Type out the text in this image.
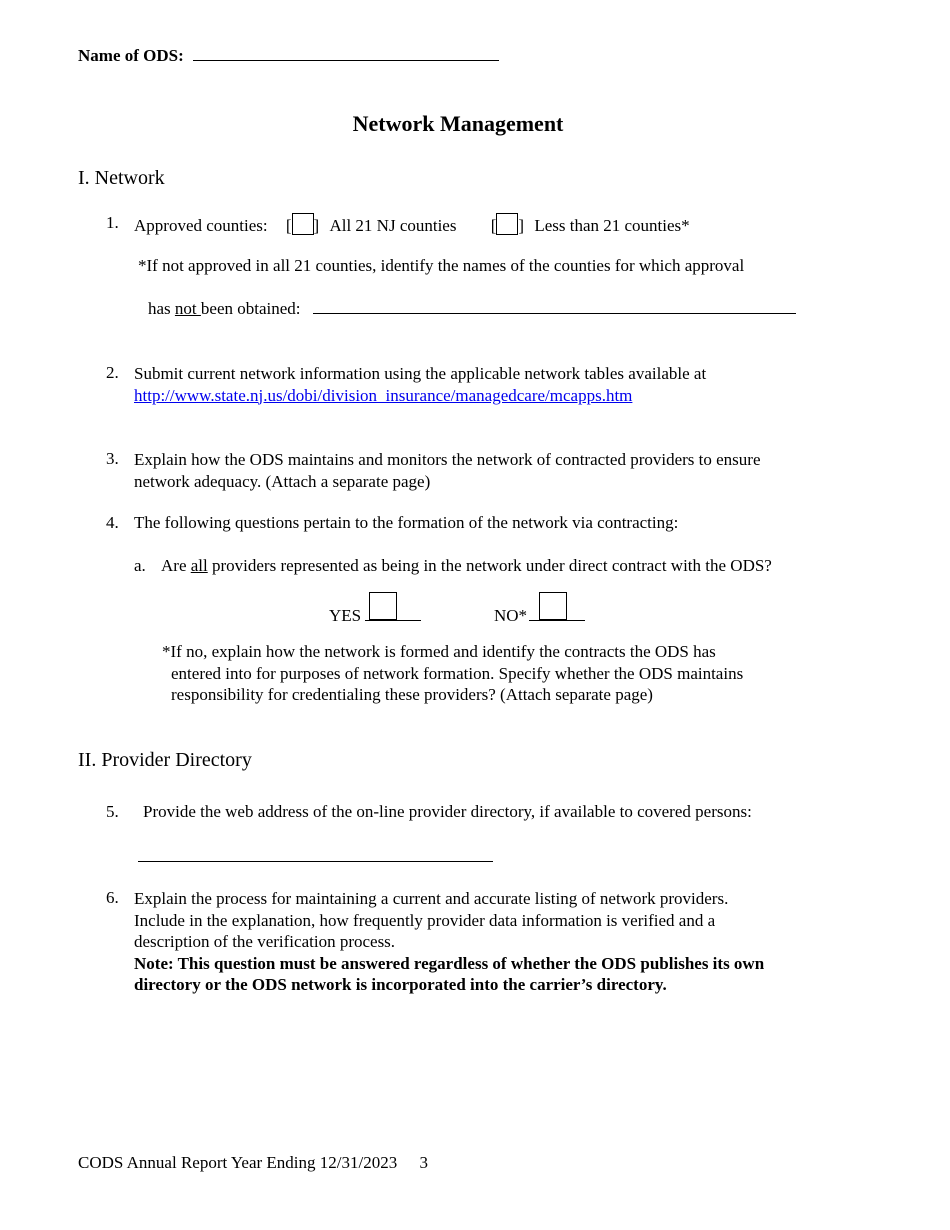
Name of ODS:
Network Management
I. Network
1. Approved counties: [ ] All 21 NJ counties [ ] Less than 21 counties*
*If not approved in all 21 counties, identify the names of the counties for which approval
has not been obtained:
2. Submit current network information using the applicable network tables available at
http://www.state.nj.us/dobi/division_insurance/managedcare/mcapps.htm
3. Explain how the ODS maintains and monitors the network of contracted providers to ensure
network adequacy. (Attach a separate page)
4. The following questions pertain to the formation of the network via contracting:
a. Are all providers represented as being in the network under direct contract with the ODS?
YES	NO*
*If no, explain how the network is formed and identify the contracts the ODS has
entered into for purposes of network formation. Specify whether the ODS maintains
responsibility for credentialing these providers? (Attach separate page)
II. Provider Directory
5. Provide the web address of the on-line provider directory, if available to covered persons:
6. Explain the process for maintaining a current and accurate listing of network providers.
Include in the explanation, how frequently provider data information is verified and a
description of the verification process.
Note: This question must be answered regardless of whether the ODS publishes its own
directory or the ODS network is incorporated into the carrier’s directory.
CODS Annual Report Year Ending 12/31/2023 3
